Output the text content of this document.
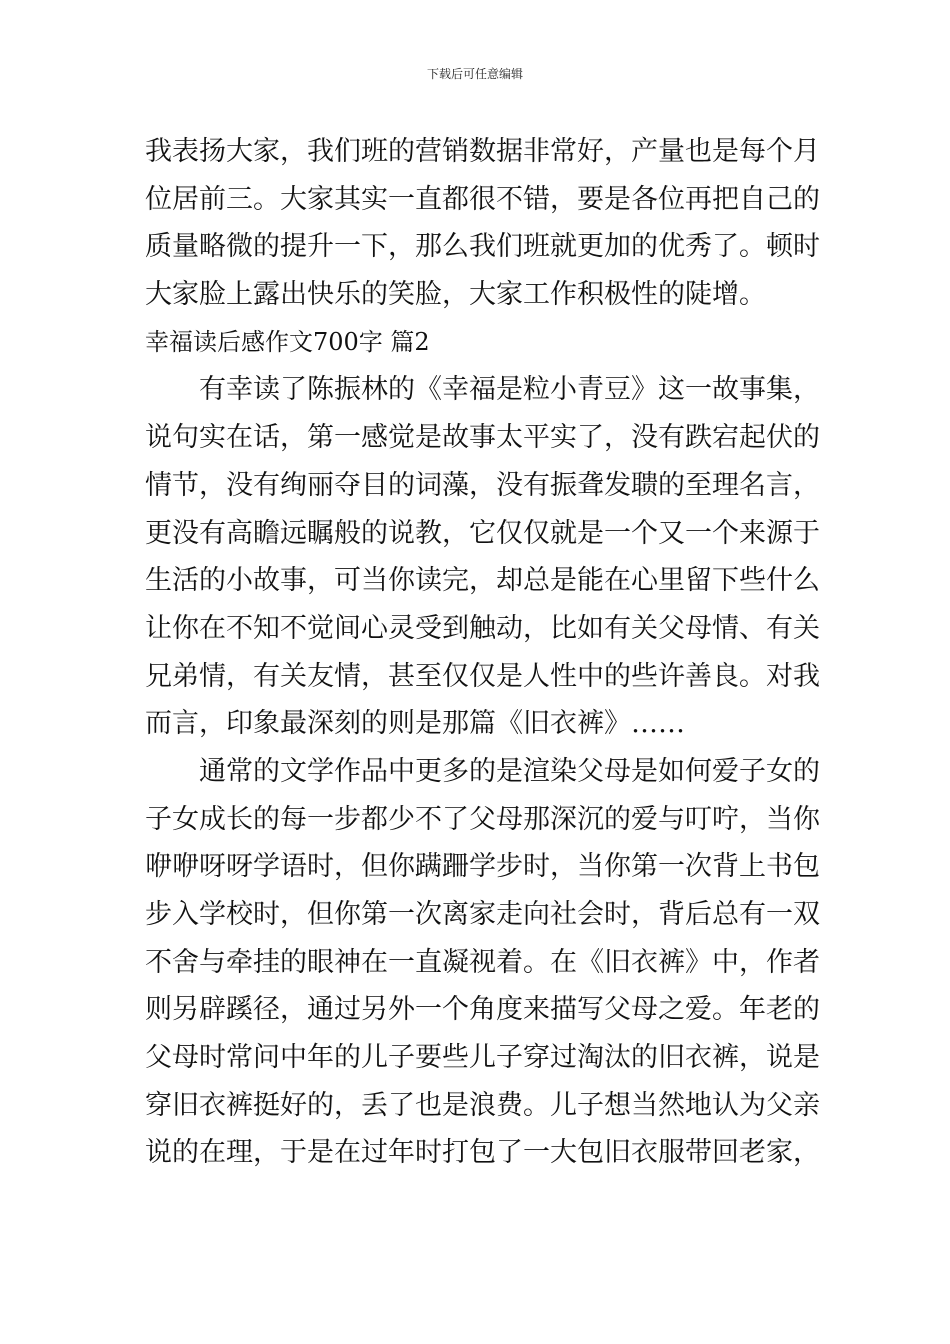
下载后可任意编辑
我表扬大家，我们班的营销数据非常好，产量也是每个月
位居前三。大家其实一直都很不错，要是各位再把自己的
质量略微的提升一下，那么我们班就更加的优秀了。顿时
大家脸上露出快乐的笑脸，大家工作积极性的陡增。
幸福读后感作文700字 篇2
有幸读了陈振林的《幸福是粒小青豆》这一故事集，
说句实在话，第一感觉是故事太平实了，没有跌宕起伏的
情节，没有绚丽夺目的词藻，没有振聋发聩的至理名言，
更没有高瞻远瞩般的说教，它仅仅就是一个又一个来源于
生活的小故事，可当你读完，却总是能在心里留下些什么
让你在不知不觉间心灵受到触动，比如有关父母情、有关
兄弟情，有关友情，甚至仅仅是人性中的些许善良。对我
而言，印象最深刻的则是那篇《旧衣裤》……
通常的文学作品中更多的是渲染父母是如何爱子女的
子女成长的每一步都少不了父母那深沉的爱与叮咛，当你
咿咿呀呀学语时，但你蹒跚学步时，当你第一次背上书包
步入学校时，但你第一次离家走向社会时，背后总有一双
不舍与牵挂的眼神在一直凝视着。在《旧衣裤》中，作者
则另辟蹊径，通过另外一个角度来描写父母之爱。年老的
父母时常问中年的儿子要些儿子穿过淘汰的旧衣裤，说是
穿旧衣裤挺好的，丢了也是浪费。儿子想当然地认为父亲
说的在理，于是在过年时打包了一大包旧衣服带回老家，
